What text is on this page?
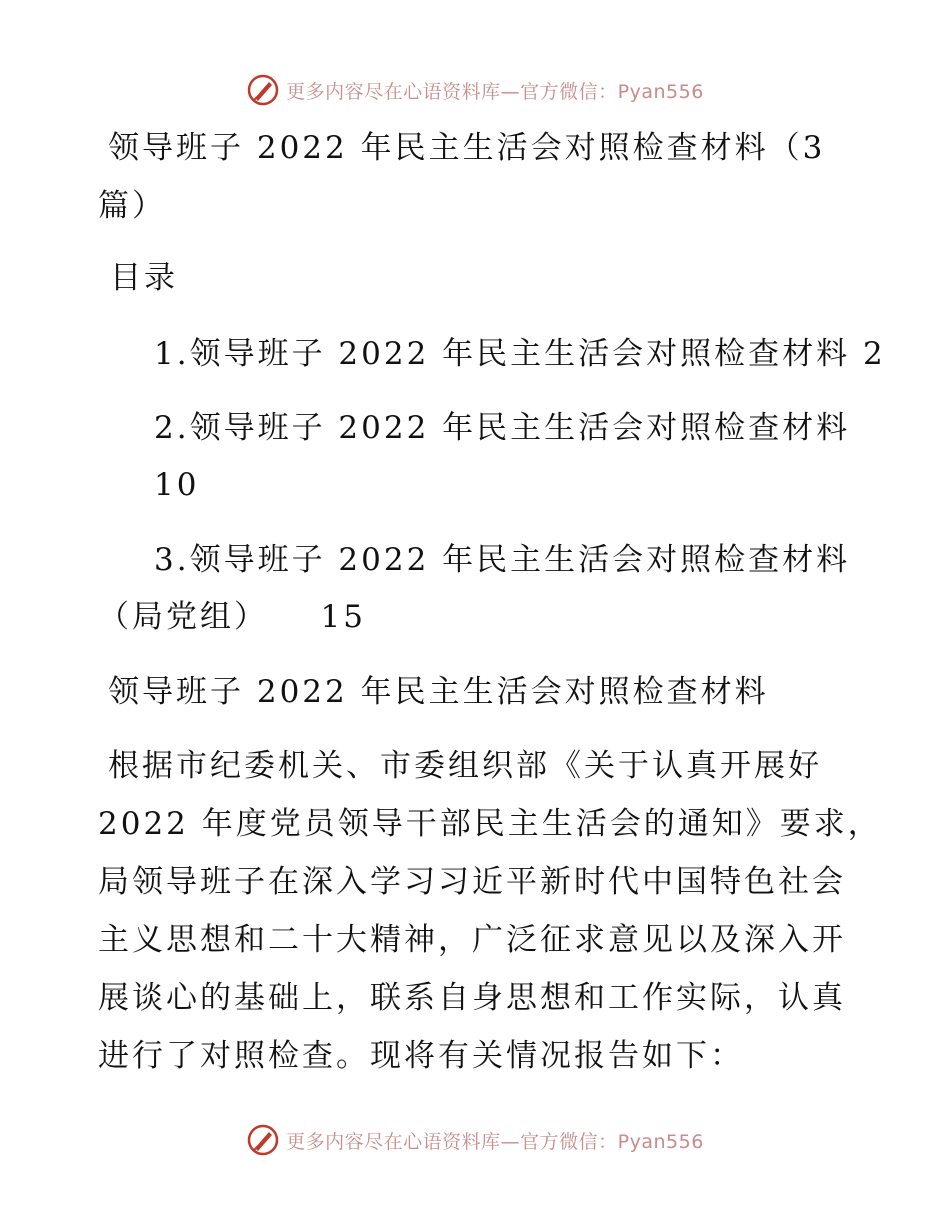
更多内容尽在心语资料库—官方微信：Pyan556
领导班子 2022 年民主生活会对照检查材料（3
篇）
目录
1.领导班子 2022 年民主生活会对照检查材料 2
2.领导班子 2022 年民主生活会对照检查材料
10
3.领导班子 2022 年民主生活会对照检查材料
（局党组）　　15
领导班子 2022 年民主生活会对照检查材料
根据市纪委机关、市委组织部《关于认真开展好
2022 年度党员领导干部民主生活会的通知》要求，
局领导班子在深入学习习近平新时代中国特色社会
主义思想和二十大精神，广泛征求意见以及深入开
展谈心的基础上，联系自身思想和工作实际，认真
进行了对照检查。现将有关情况报告如下：
更多内容尽在心语资料库—官方微信：Pyan556
